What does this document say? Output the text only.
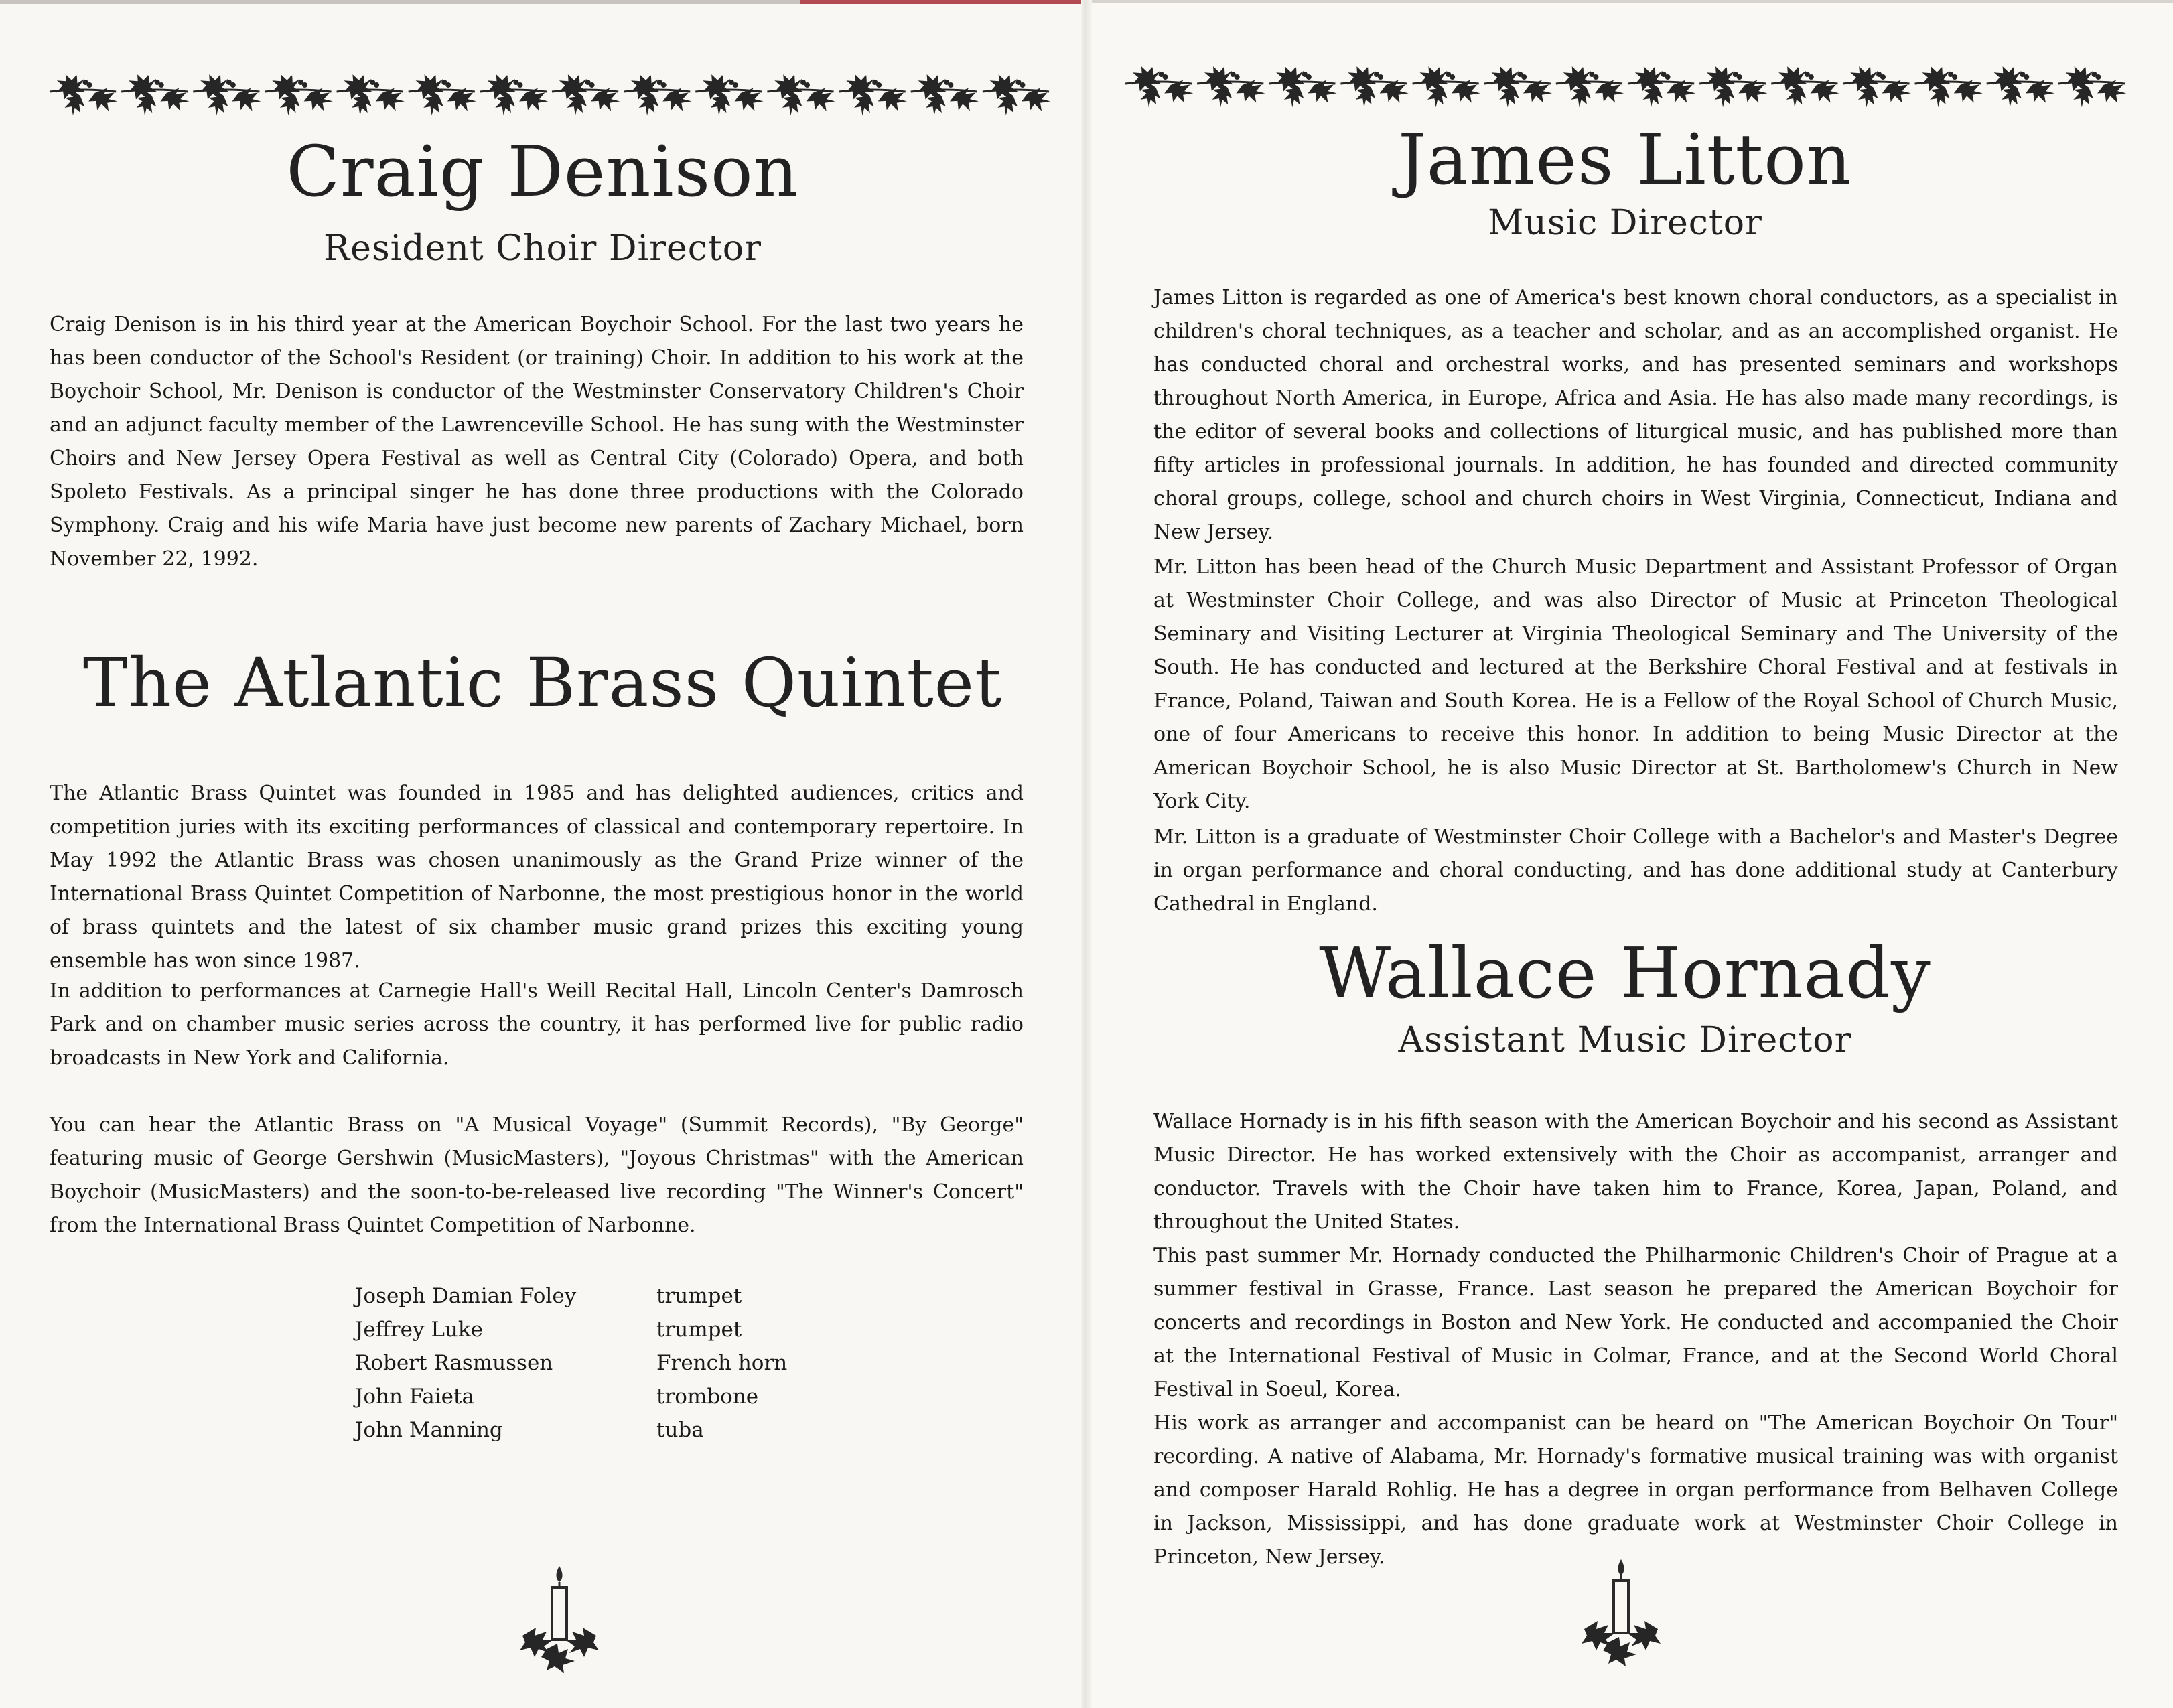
Craig Denison
Resident Choir Director

Craig Denison is in his third year at the American Boychoir School. For the last two years he has been conductor of the School's Resident (or training) Choir. In addition to his work at the Boychoir School, Mr. Denison is conductor of the Westminster Conservatory Children's Choir and an adjunct faculty member of the Lawrenceville School. He has sung with the Westminster Choirs and New Jersey Opera Festival as well as Central City (Colorado) Opera, and both Spoleto Festivals. As a principal singer he has done three productions with the Colorado Symphony. Craig and his wife Maria have just become new parents of Zachary Michael, born November 22, 1992.

The Atlantic Brass Quintet

The Atlantic Brass Quintet was founded in 1985 and has delighted audiences, critics and competition juries with its exciting performances of classical and contemporary repertoire. In May 1992 the Atlantic Brass was chosen unanimously as the Grand Prize winner of the International Brass Quintet Competition of Narbonne, the most prestigious honor in the world of brass quintets and the latest of six chamber music grand prizes this exciting young ensemble has won since 1987.

In addition to performances at Carnegie Hall's Weill Recital Hall, Lincoln Center's Damrosch Park and on chamber music series across the country, it has performed live for public radio broadcasts in New York and California.

You can hear the Atlantic Brass on "A Musical Voyage" (Summit Records), "By George" featuring music of George Gershwin (MusicMasters), "Joyous Christmas" with the American Boychoir (MusicMasters) and the soon-to-be-released live recording "The Winner's Concert" from the International Brass Quintet Competition of Narbonne.

Joseph Damian Foley	trumpet
Jeffrey Luke	trumpet
Robert Rasmussen	French horn
John Faieta	trombone
John Manning	tuba
James Litton
Music Director

James Litton is regarded as one of America's best known choral conductors, as a specialist in children's choral techniques, as a teacher and scholar, and as an accomplished organist. He has conducted choral and orchestral works, and has presented seminars and workshops throughout North America, in Europe, Africa and Asia. He has also made many recordings, is the editor of several books and collections of liturgical music, and has published more than fifty articles in professional journals. In addition, he has founded and directed community choral groups, college, school and church choirs in West Virginia, Connecticut, Indiana and New Jersey.

Mr. Litton has been head of the Church Music Department and Assistant Professor of Organ at Westminster Choir College, and was also Director of Music at Princeton Theological Seminary and Visiting Lecturer at Virginia Theological Seminary and The University of the South. He has conducted and lectured at the Berkshire Choral Festival and at festivals in France, Poland, Taiwan and South Korea. He is a Fellow of the Royal School of Church Music, one of four Americans to receive this honor. In addition to being Music Director at the American Boychoir School, he is also Music Director at St. Bartholomew's Church in New York City.

Mr. Litton is a graduate of Westminster Choir College with a Bachelor's and Master's Degree in organ performance and choral conducting, and has done additional study at Canterbury Cathedral in England.

Wallace Hornady
Assistant Music Director

Wallace Hornady is in his fifth season with the American Boychoir and his second as Assistant Music Director. He has worked extensively with the Choir as accompanist, arranger and conductor. Travels with the Choir have taken him to France, Korea, Japan, Poland, and throughout the United States.

This past summer Mr. Hornady conducted the Philharmonic Children's Choir of Prague at a summer festival in Grasse, France. Last season he prepared the American Boychoir for concerts and recordings in Boston and New York. He conducted and accompanied the Choir at the International Festival of Music in Colmar, France, and at the Second World Choral Festival in Soeul, Korea.

His work as arranger and accompanist can be heard on "The American Boychoir On Tour" recording. A native of Alabama, Mr. Hornady's formative musical training was with organist and composer Harald Rohlig. He has a degree in organ performance from Belhaven College in Jackson, Mississippi, and has done graduate work at Westminster Choir College in Princeton, New Jersey.
